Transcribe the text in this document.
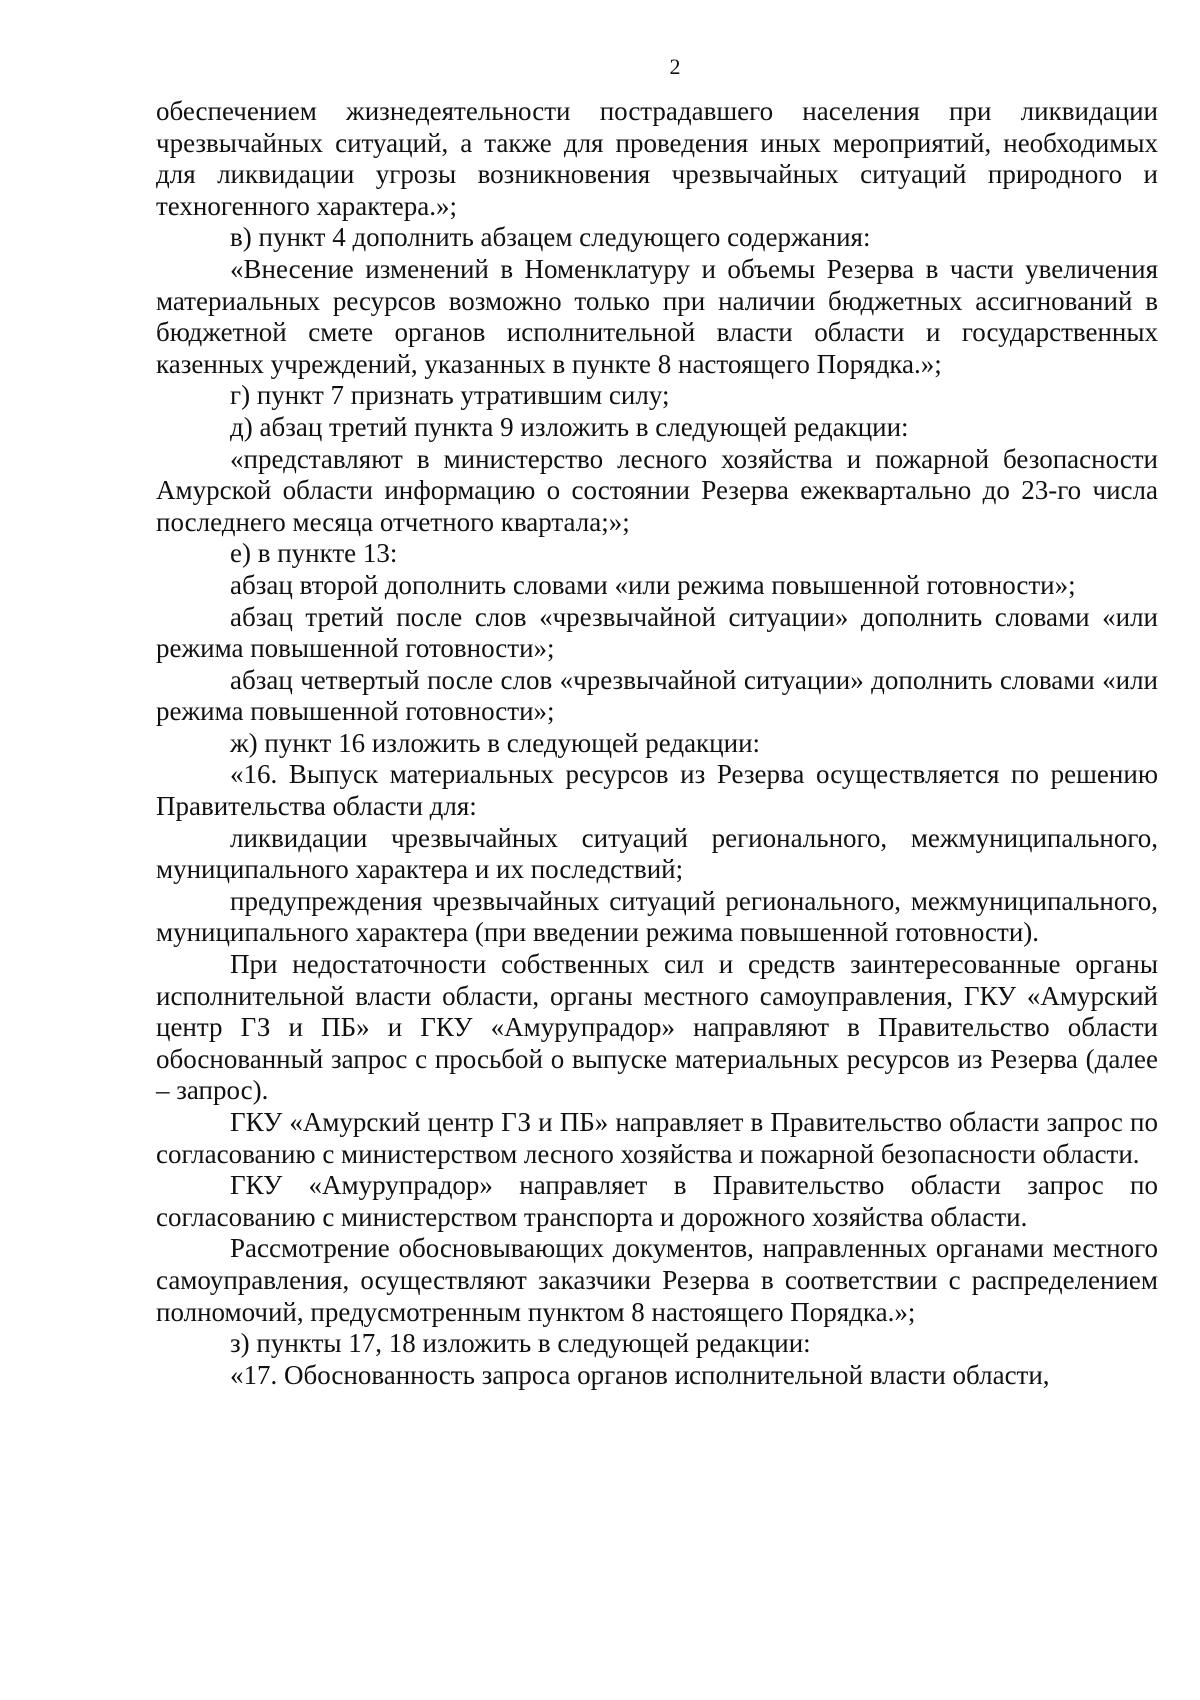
2

обеспечением жизнедеятельности пострадавшего населения при ликвидации чрезвычайных ситуаций, а также для проведения иных мероприятий, необходимых для ликвидации угрозы возникновения чрезвычайных ситуаций природного и техногенного характера.»;

в) пункт 4 дополнить абзацем следующего содержания:

«Внесение изменений в Номенклатуру и объемы Резерва в части увеличения материальных ресурсов возможно только при наличии бюджетных ассигнований в бюджетной смете органов исполнительной власти области и государственных казенных учреждений, указанных в пункте 8 настоящего Порядка.»;

г) пункт 7 признать утратившим силу;

д) абзац третий пункта 9 изложить в следующей редакции:

«представляют в министерство лесного хозяйства и пожарной безопасности Амурской области информацию о состоянии Резерва ежеквартально до 23-го числа последнего месяца отчетного квартала;»;

е) в пункте 13:

абзац второй дополнить словами «или режима повышенной готовности»;

абзац третий после слов «чрезвычайной ситуации» дополнить словами «или режима повышенной готовности»;

абзац четвертый после слов «чрезвычайной ситуации» дополнить словами «или режима повышенной готовности»;

ж) пункт 16 изложить в следующей редакции:

«16. Выпуск материальных ресурсов из Резерва осуществляется по решению Правительства области для:

ликвидации чрезвычайных ситуаций регионального, межмуниципального, муниципального характера и их последствий;

предупреждения чрезвычайных ситуаций регионального, межмуниципального, муниципального характера (при введении режима повышенной готовности).

При недостаточности собственных сил и средств заинтересованные органы исполнительной власти области, органы местного самоуправления, ГКУ «Амурский центр ГЗ и ПБ» и ГКУ «Амурупрадор» направляют в Правительство области обоснованный запрос с просьбой о выпуске материальных ресурсов из Резерва (далее – запрос).

ГКУ «Амурский центр ГЗ и ПБ» направляет в Правительство области запрос по согласованию с министерством лесного хозяйства и пожарной безопасности области.

ГКУ «Амурупрадор» направляет в Правительство области запрос по согласованию с министерством транспорта и дорожного хозяйства области.

Рассмотрение обосновывающих документов, направленных органами местного самоуправления, осуществляют заказчики Резерва в соответствии с распределением полномочий, предусмотренным пунктом 8 настоящего Порядка.»;

з) пункты 17, 18 изложить в следующей редакции:

«17. Обоснованность запроса органов исполнительной власти области,
